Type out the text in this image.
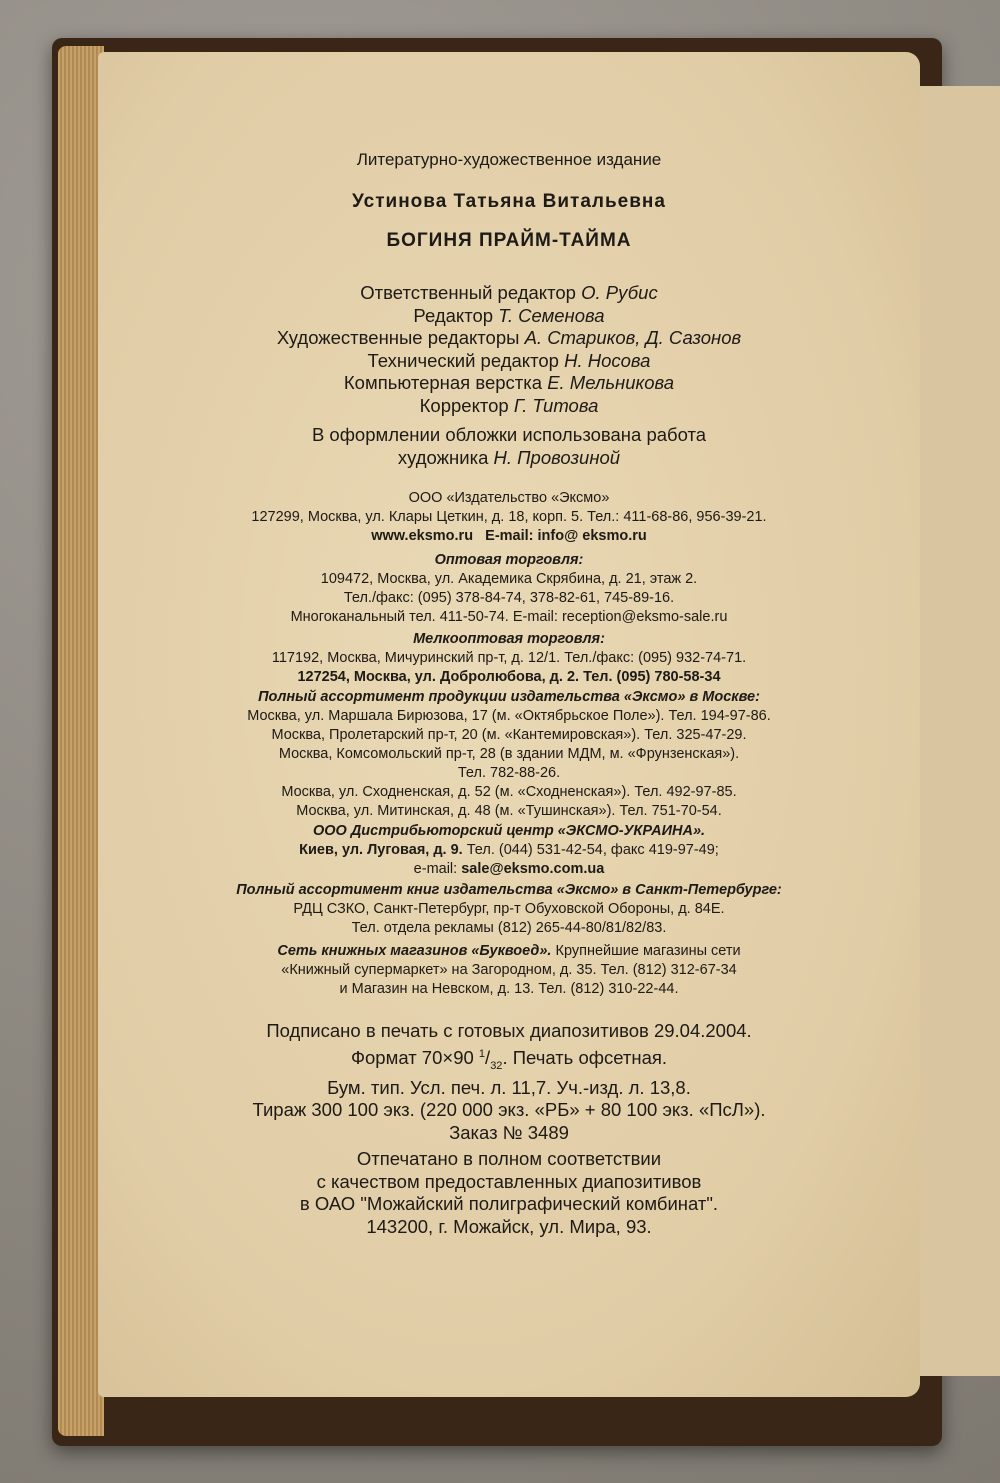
Литературно-художественное издание
Устинова Татьяна Витальевна
БОГИНЯ ПРАЙМ-ТАЙМА
Ответственный редактор О. Рубис
Редактор Т. Семенова
Художественные редакторы А. Стариков, Д. Сазонов
Технический редактор Н. Носова
Компьютерная верстка Е. Мельникова
Корректор Г. Титова
В оформлении обложки использована работа
художника Н. Провозиной
ООО «Издательство «Эксмо»
127299, Москва, ул. Клары Цеткин, д. 18, корп. 5. Тел.: 411-68-86, 956-39-21.
www.eksmo.ru E-mail: info@ eksmo.ru
Оптовая торговля:
109472, Москва, ул. Академика Скрябина, д. 21, этаж 2.
Тел./факс: (095) 378-84-74, 378-82-61, 745-89-16.
Многоканальный тел. 411-50-74. E-mail: reception@eksmo-sale.ru
Мелкооптовая торговля:
117192, Москва, Мичуринский пр-т, д. 12/1. Тел./факс: (095) 932-74-71.
127254, Москва, ул. Добролюбова, д. 2. Тел. (095) 780-58-34
Полный ассортимент продукции издательства «Эксмо» в Москве:
Москва, ул. Маршала Бирюзова, 17 (м. «Октябрьское Поле»). Тел. 194-97-86.
Москва, Пролетарский пр-т, 20 (м. «Кантемировская»). Тел. 325-47-29.
Москва, Комсомольский пр-т, 28 (в здании МДМ, м. «Фрунзенская»).
Тел. 782-88-26.
Москва, ул. Сходненская, д. 52 (м. «Сходненская»). Тел. 492-97-85.
Москва, ул. Митинская, д. 48 (м. «Тушинская»). Тел. 751-70-54.
ООО Дистрибьюторский центр «ЭКСМО-УКРАИНА».
Киев, ул. Луговая, д. 9. Тел. (044) 531-42-54, факс 419-97-49;
e-mail: sale@eksmo.com.ua
Полный ассортимент книг издательства «Эксмо» в Санкт-Петербурге:
РДЦ СЗКО, Санкт-Петербург, пр-т Обуховской Обороны, д. 84Е.
Тел. отдела рекламы (812) 265-44-80/81/82/83.
Сеть книжных магазинов «Буквоед». Крупнейшие магазины сети
«Книжный супермаркет» на Загородном, д. 35. Тел. (812) 312-67-34
и Магазин на Невском, д. 13. Тел. (812) 310-22-44.
Подписано в печать с готовых диапозитивов 29.04.2004.
Формат 70×90 $^1/_{32}$. Печать офсетная.
Бум. тип. Усл. печ. л. 11,7. Уч.-изд. л. 13,8.
Тираж 300 100 экз. (220 000 экз. «РБ» + 80 100 экз. «ПсЛ»).
Заказ № 3489
Отпечатано в полном соответствии
с качеством предоставленных диапозитивов
в ОАО "Можайский полиграфический комбинат".
143200, г. Можайск, ул. Мира, 93.
